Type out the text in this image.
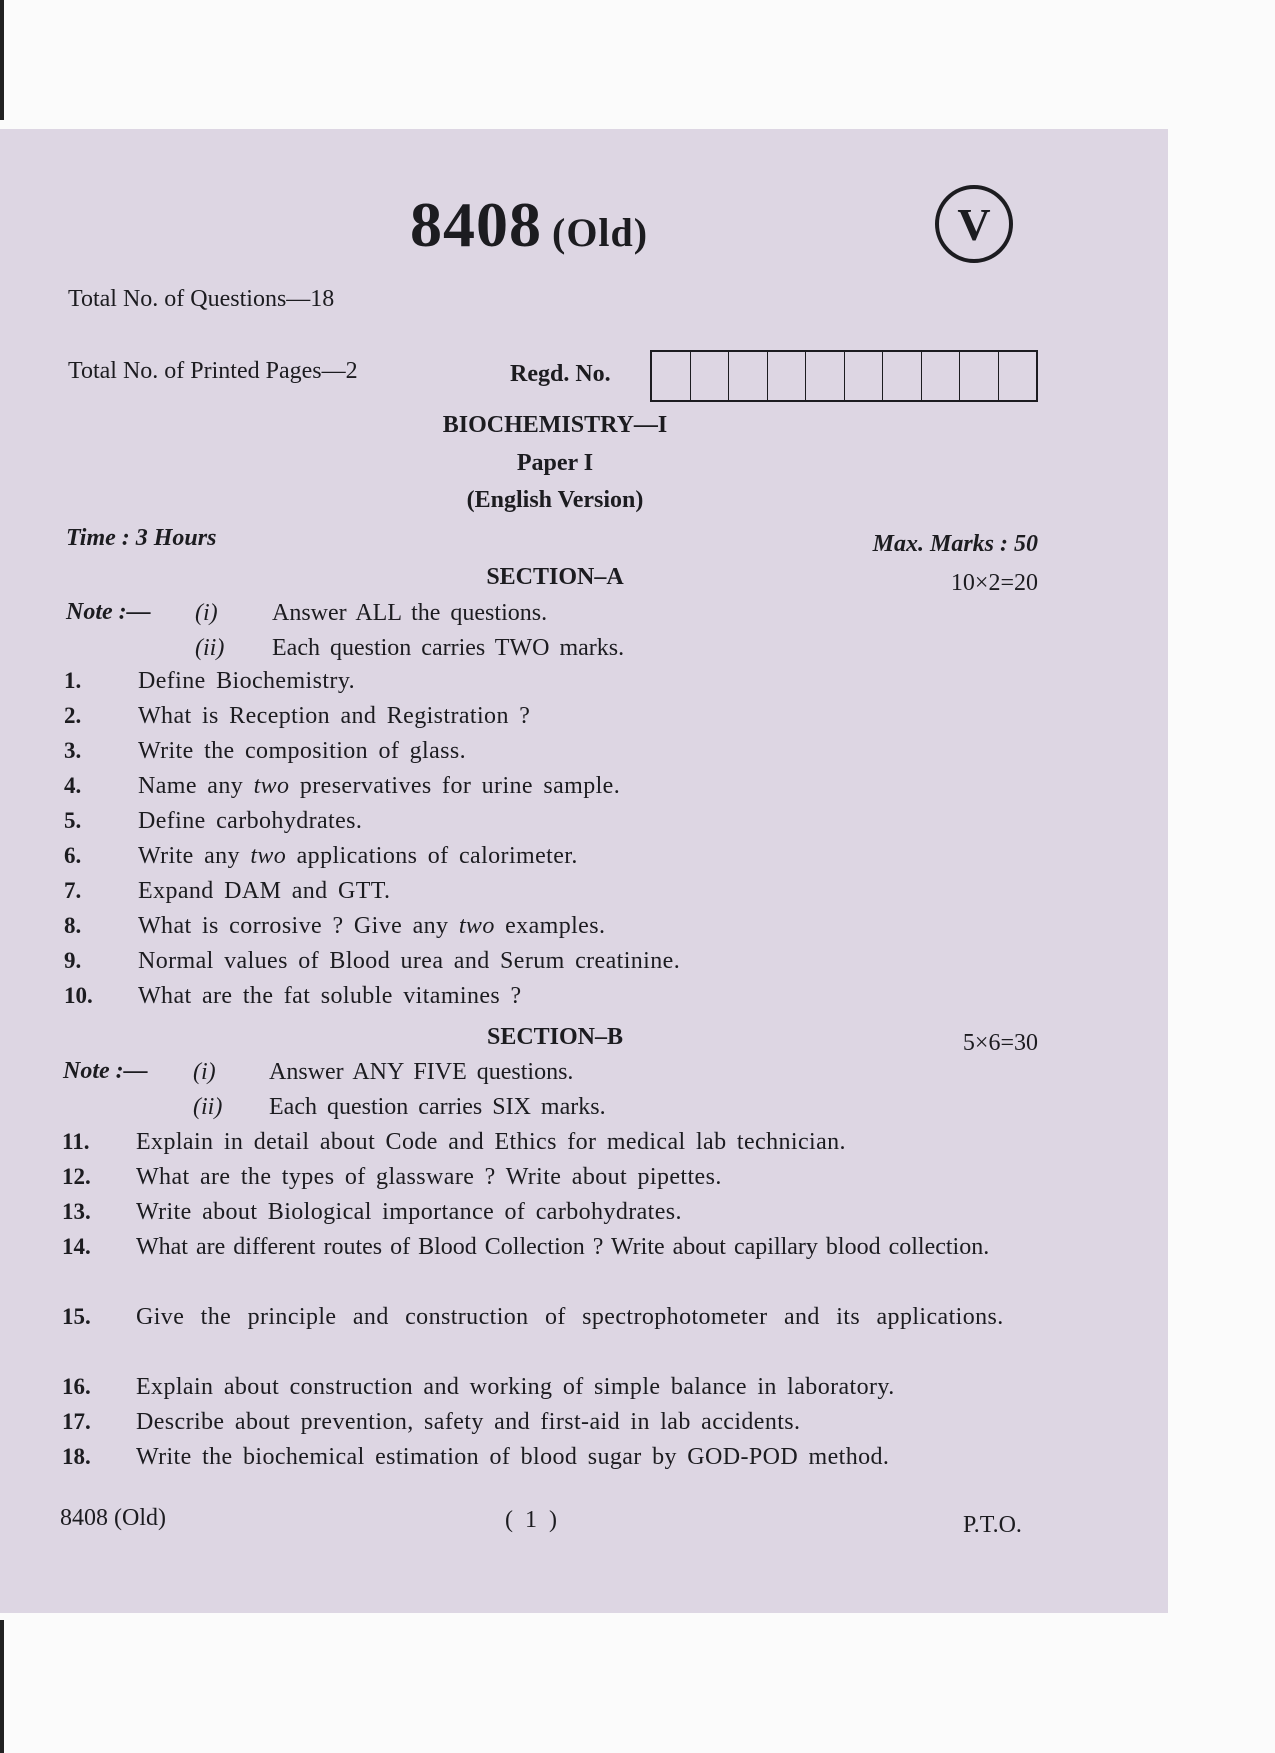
8408 (Old)	V
Total No. of Questions—18
Total No. of Printed Pages—2	Regd. No.
BIOCHEMISTRY—I
Paper I
(English Version)
Time : 3 Hours	Max. Marks : 50
SECTION–A	10×2=20
Note :— (i) Answer ALL the questions.
(ii) Each question carries TWO marks.
1. Define Biochemistry.
2. What is Reception and Registration ?
3. Write the composition of glass.
4. Name any two preservatives for urine sample.
5. Define carbohydrates.
6. Write any two applications of calorimeter.
7. Expand DAM and GTT.
8. What is corrosive ? Give any two examples.
9. Normal values of Blood urea and Serum creatinine.
10. What are the fat soluble vitamines ?
SECTION–B	5×6=30
Note :— (i) Answer ANY FIVE questions.
(ii) Each question carries SIX marks.
11. Explain in detail about Code and Ethics for medical lab technician.
12. What are the types of glassware ? Write about pipettes.
13. Write about Biological importance of carbohydrates.
14. What are different routes of Blood Collection ? Write about capillary blood collection.
15. Give the principle and construction of spectrophotometer and its applications.
16. Explain about construction and working of simple balance in laboratory.
17. Describe about prevention, safety and first-aid in lab accidents.
18. Write the biochemical estimation of blood sugar by GOD-POD method.
8408 (Old)	( 1 )	P.T.O.
